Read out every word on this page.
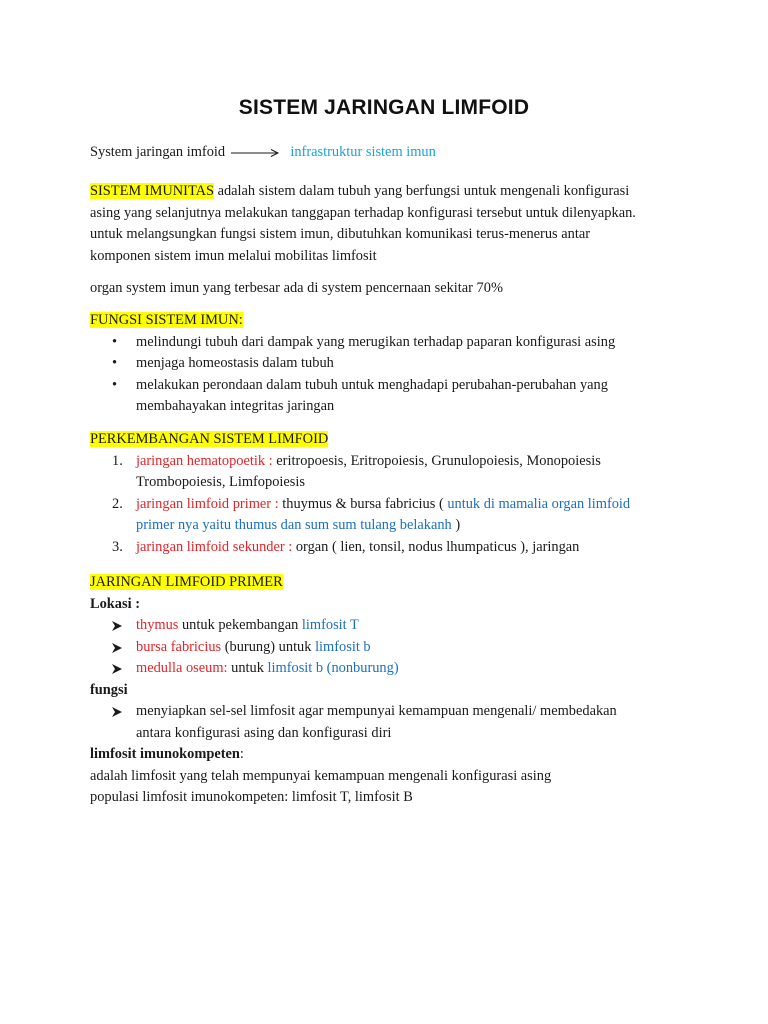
SISTEM JARINGAN LIMFOID
System jaringan imfoid	infrastruktur sistem imun
SISTEM IMUNITAS adalah sistem dalam tubuh yang berfungsi untuk mengenali konfigurasi
asing yang selanjutnya melakukan tanggapan terhadap konfigurasi tersebut untuk dilenyapkan.
untuk melangsungkan fungsi sistem imun, dibutuhkan komunikasi terus-menerus antar
komponen sistem imun melalui mobilitas limfosit
organ system imun yang terbesar ada di system pencernaan sekitar 70%
FUNGSI SISTEM IMUN:
• melindungi tubuh dari dampak yang merugikan terhadap paparan konfigurasi asing
• menjaga homeostasis dalam tubuh
• melakukan perondaan dalam tubuh untuk menghadapi perubahan-perubahan yang
membahayakan integritas jaringan
PERKEMBANGAN SISTEM LIMFOID
1. jaringan hematopoetik : eritropoesis, Eritropoiesis, Grunulopoiesis, Monopoiesis
Trombopoiesis, Limfopoiesis
2. jaringan limfoid primer : thuymus & bursa fabricius ( untuk di mamalia organ limfoid
primer nya yaitu thumus dan sum sum tulang belakanh )
3. jaringan limfoid sekunder : organ ( lien, tonsil, nodus lhumpaticus ), jaringan
JARINGAN LIMFOID PRIMER
Lokasi :
thymus untuk pekembangan limfosit T
bursa fabricius (burung) untuk limfosit b
medulla oseum: untuk limfosit b (nonburung)
fungsi
menyiapkan sel-sel limfosit agar mempunyai kemampuan mengenali/ membedakan
antara konfigurasi asing dan konfigurasi diri
limfosit imunokompeten:
adalah limfosit yang telah mempunyai kemampuan mengenali konfigurasi asing
populasi limfosit imunokompeten: limfosit T, limfosit B
